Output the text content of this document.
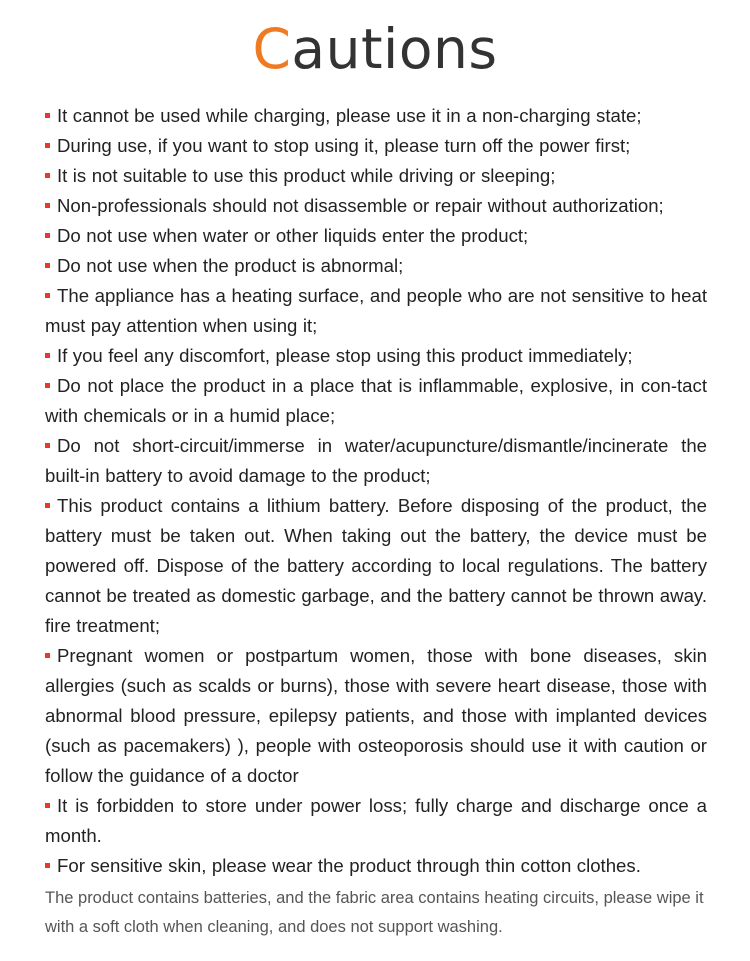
Cautions
It cannot be used while charging, please use it in a non-charging state;
During use, if you want to stop using it, please turn off the power first;
It is not suitable to use this product while driving or sleeping;
Non-professionals should not disassemble or repair without authorization;
Do not use when water or other liquids enter the product;
Do not use when the product is abnormal;
The appliance has a heating surface, and people who are not sensitive to heat must pay attention when using it;
If you feel any discomfort, please stop using this product immediately;
Do not place the product in a place that is inflammable, explosive, in con-tact with chemicals or in a humid place;
Do not short-circuit/immerse in water/acupuncture/dismantle/incinerate the built-in battery to avoid damage to the product;
This product contains a lithium battery. Before disposing of the product, the battery must be taken out. When taking out the battery, the device must be powered off. Dispose of the battery according to local regulations. The battery cannot be treated as domestic garbage, and the battery cannot be thrown away. fire treatment;
Pregnant women or postpartum women, those with bone diseases, skin allergies (such as scalds or burns), those with severe heart disease, those with abnormal blood pressure, epilepsy patients, and those with implanted devices (such as pacemakers) ), people with osteoporosis should use it with caution or follow the guidance of a doctor
It is forbidden to store under power loss; fully charge and discharge once a month.
For sensitive skin, please wear the product through thin cotton clothes.
The product contains batteries, and the fabric area contains heating circuits, please wipe it with a soft cloth when cleaning, and does not support washing.
